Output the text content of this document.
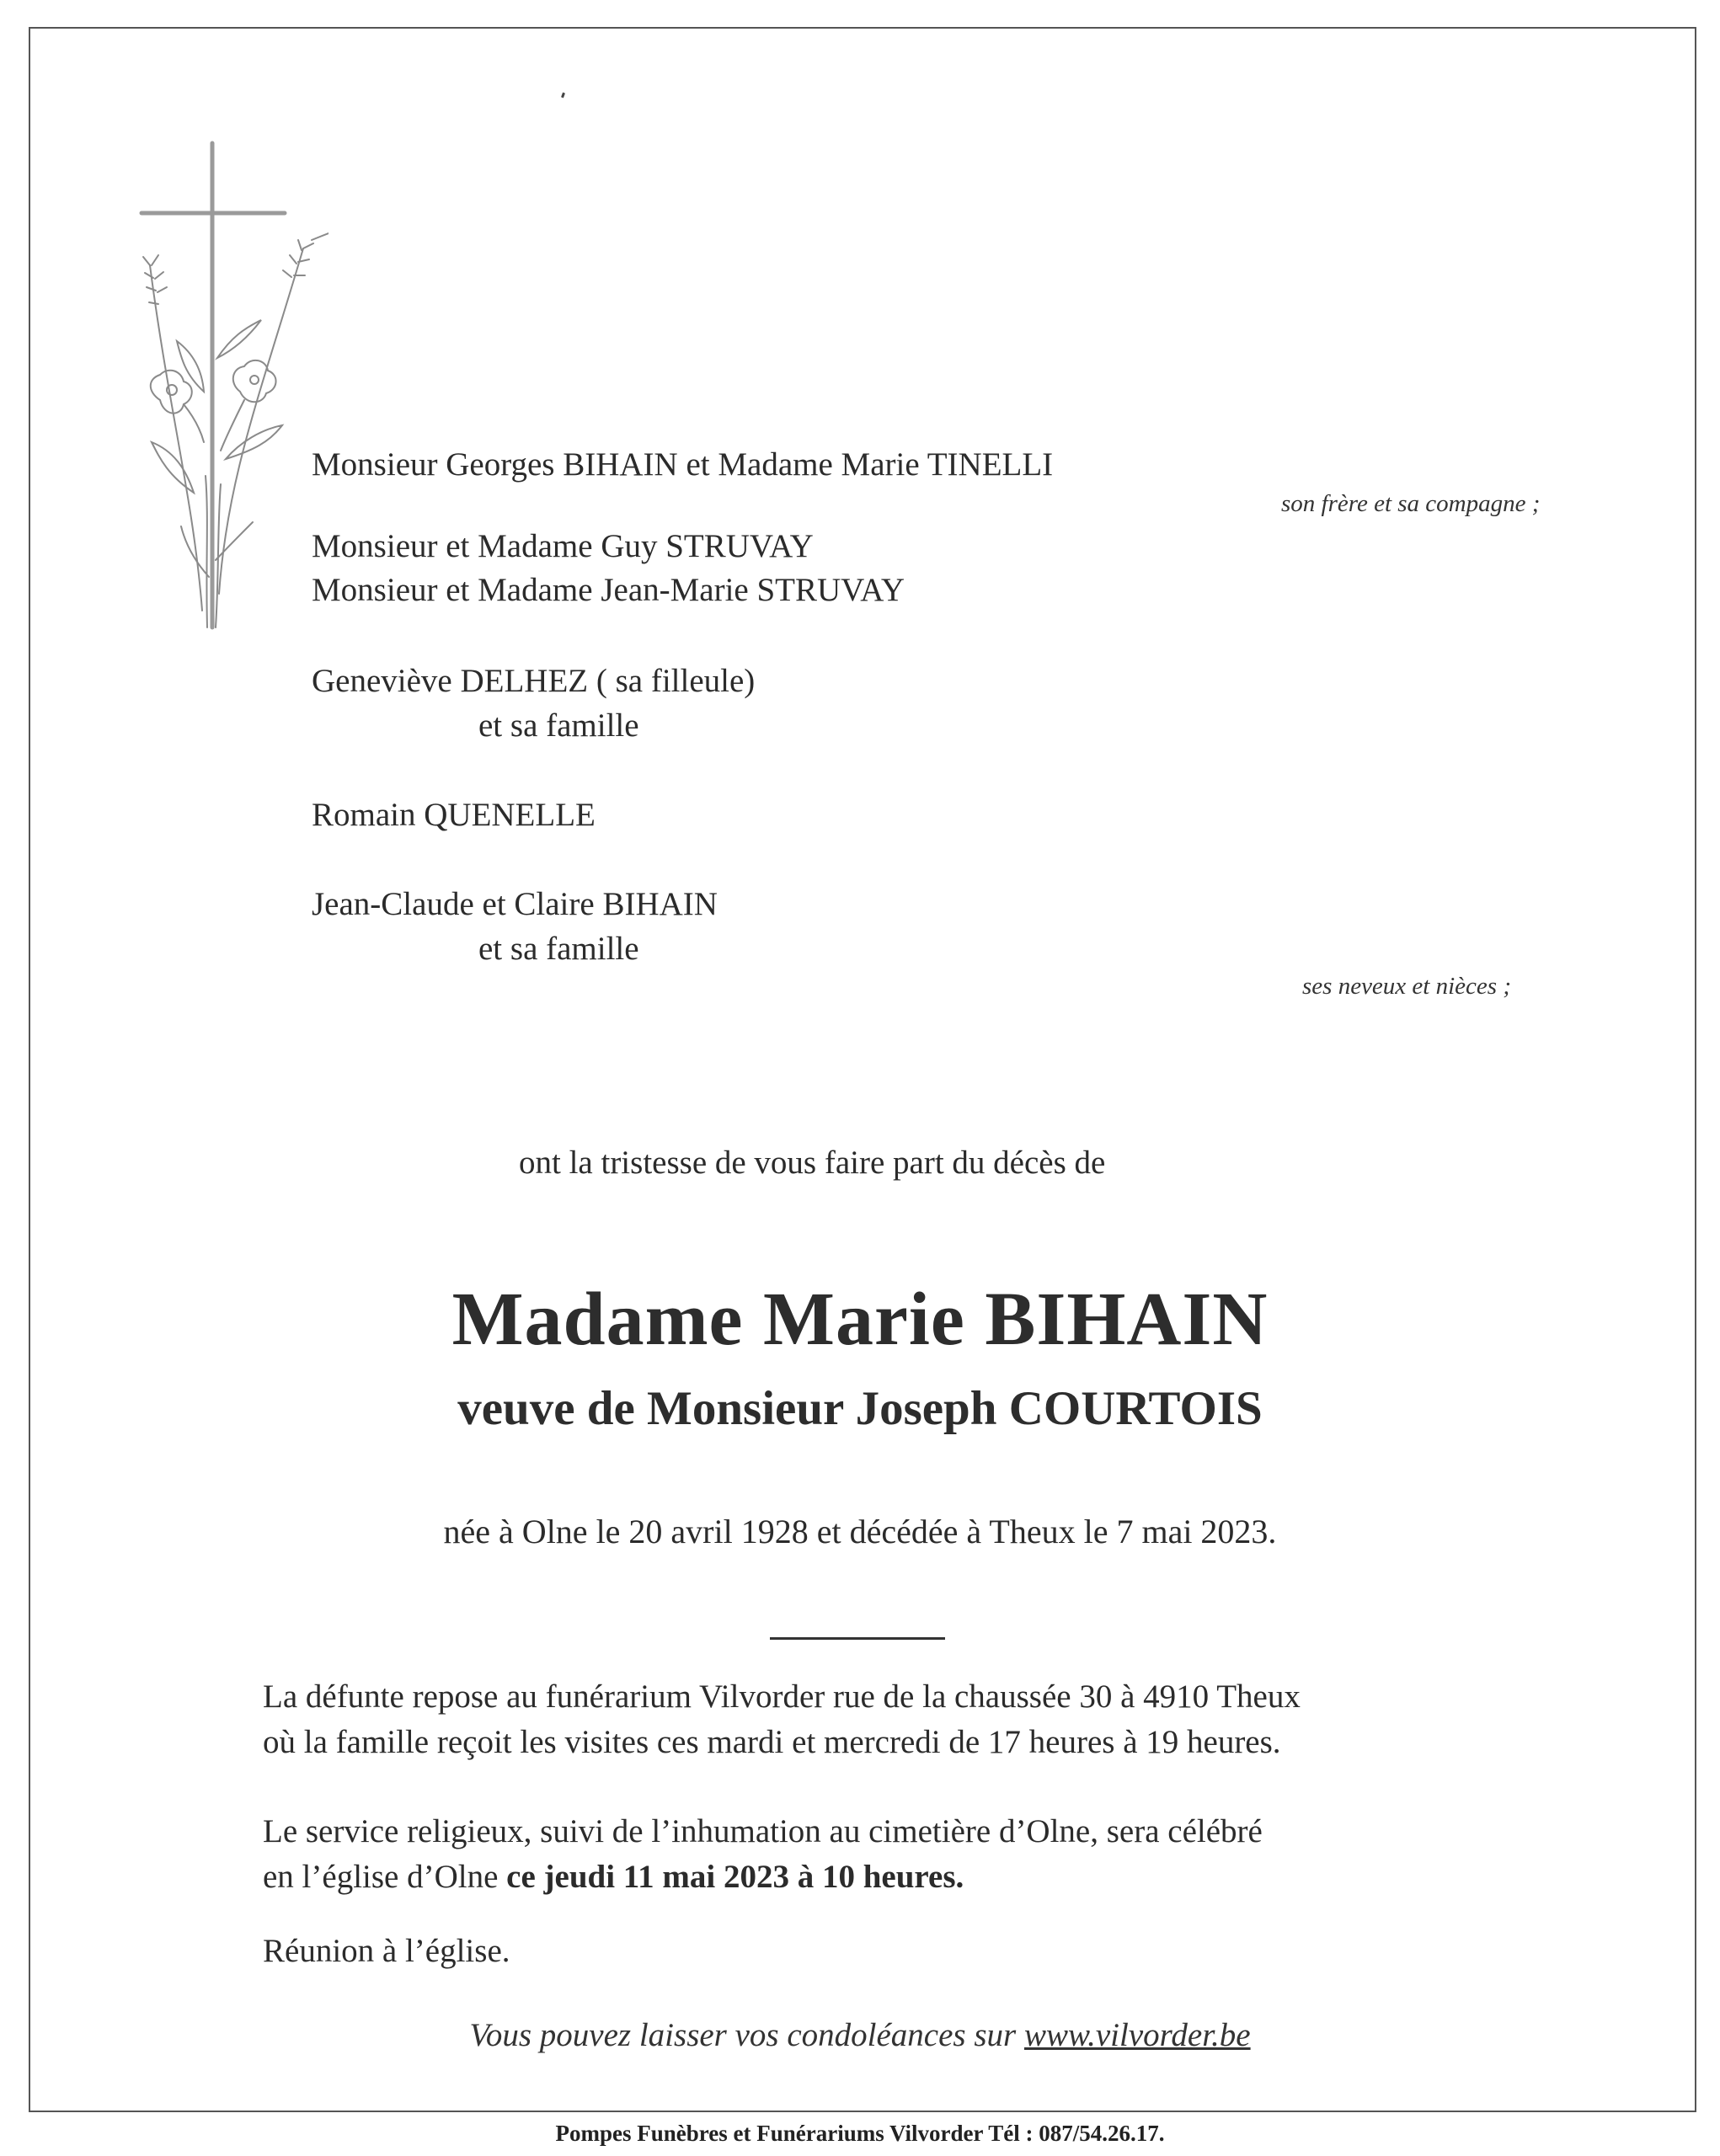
Monsieur Georges BIHAIN et Madame Marie TINELLI
son frère et sa compagne ;
Monsieur et Madame Guy STRUVAY
Monsieur et Madame Jean-Marie STRUVAY
Geneviève DELHEZ ( sa filleule)
et sa famille
Romain QUENELLE
Jean-Claude et Claire BIHAIN
et sa famille
ses neveux et nièces ;
ont la tristesse de vous faire part du décès de
Madame Marie BIHAIN
veuve de Monsieur Joseph COURTOIS
née à Olne le 20 avril 1928 et décédée à Theux le 7 mai 2023.
La défunte repose au funérarium Vilvorder rue de la chaussée 30 à 4910 Theux
où la famille reçoit les visites ces mardi et mercredi de 17 heures à 19 heures.
Le service religieux, suivi de l’inhumation au cimetière d’Olne, sera célébré
en l’église d’Olne ce jeudi 11 mai 2023 à 10 heures.
Réunion à l’église.
Vous pouvez laisser vos condoléances sur www.vilvorder.be
Pompes Funèbres et Funérariums Vilvorder Tél : 087/54.26.17.
